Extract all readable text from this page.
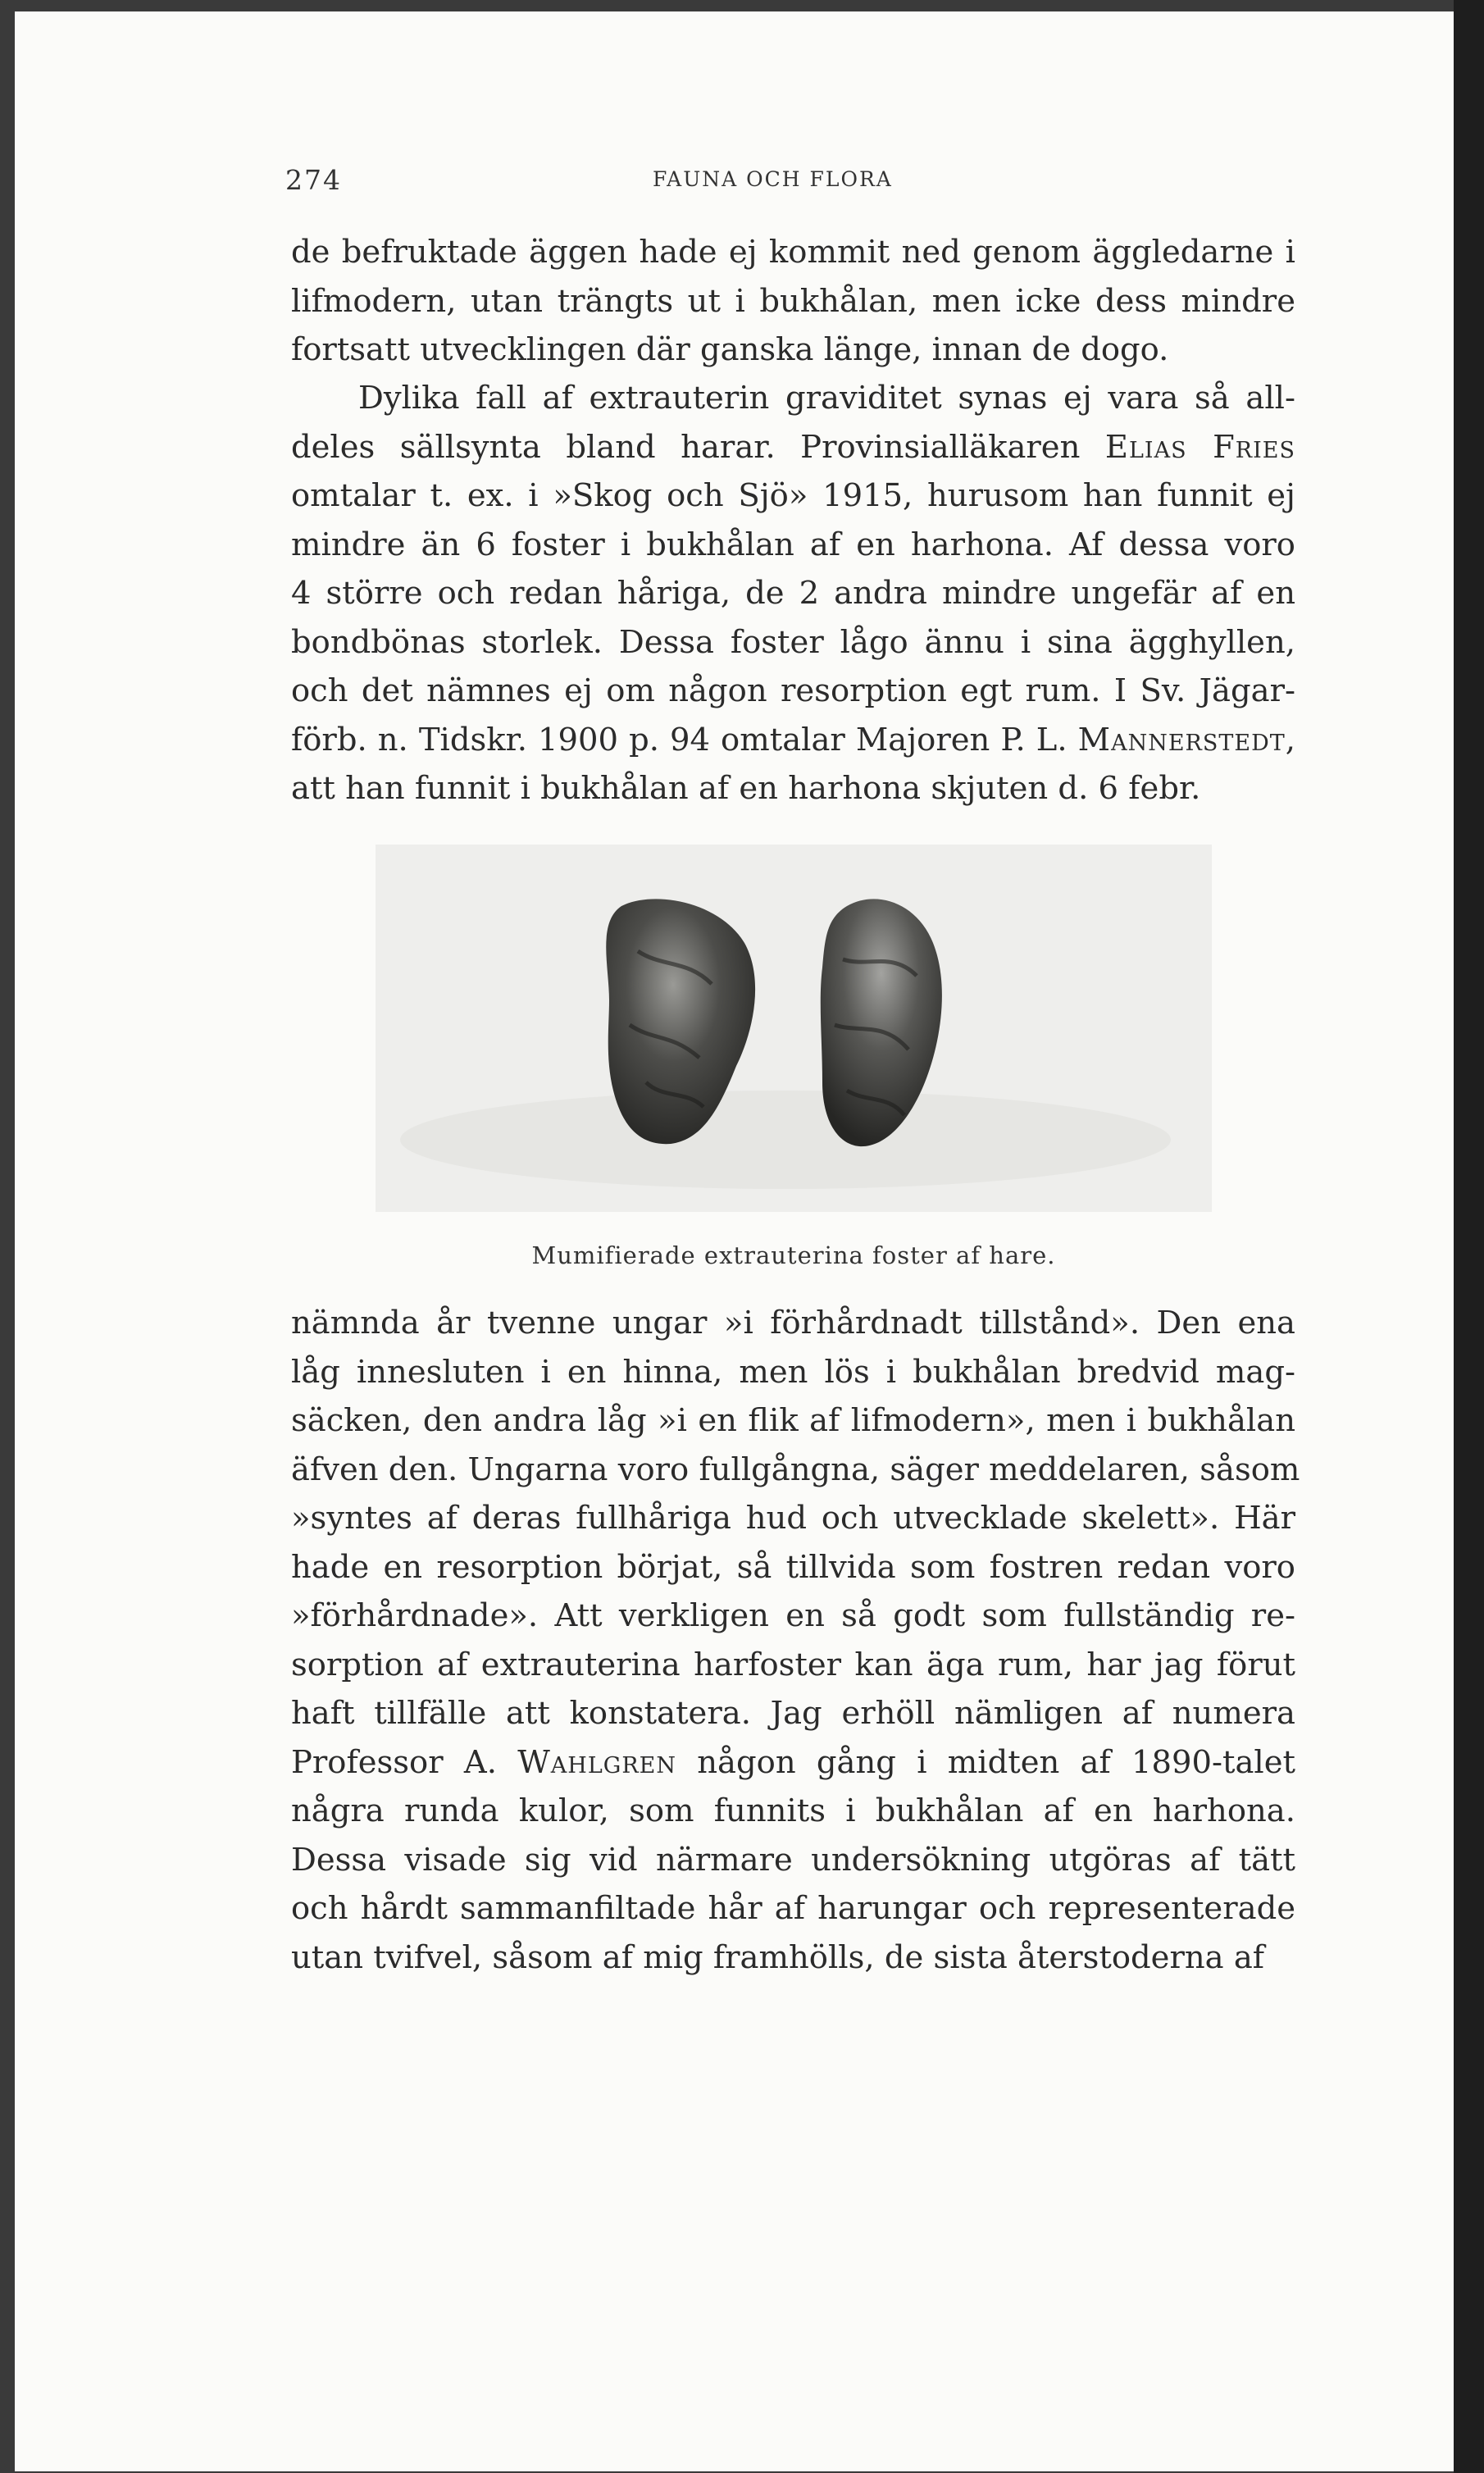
274	FAUNA OCH FLORA
de befruktade äggen hade ej kommit ned genom äggledarne i
lifmodern, utan trängts ut i bukhålan, men icke dess mindre
fortsatt utvecklingen där ganska länge, innan de dogo.
Dylika fall af extrauterin graviditet synas ej vara så all-
deles sällsynta bland harar. Provinsialläkaren Elias Fries
omtalar t. ex. i »Skog och Sjö» 1915, hurusom han funnit ej
mindre än 6 foster i bukhålan af en harhona. Af dessa voro
4 större och redan håriga, de 2 andra mindre ungefär af en
bondbönas storlek. Dessa foster lågo ännu i sina ägghyllen,
och det nämnes ej om någon resorption egt rum. I Sv. Jägar-
förb. n. Tidskr. 1900 p. 94 omtalar Majoren P. L. Mannerstedt,
att han funnit i bukhålan af en harhona skjuten d. 6 febr.
Mumifierade extrauterina foster af hare.
nämnda år tvenne ungar »i förhårdnadt tillstånd». Den ena
låg innesluten i en hinna, men lös i bukhålan bredvid mag-
säcken, den andra låg »i en flik af lifmodern», men i bukhålan
äfven den. Ungarna voro fullgångna, säger meddelaren, såsom
»syntes af deras fullhåriga hud och utvecklade skelett». Här
hade en resorption börjat, så tillvida som fostren redan voro
»förhårdnade». Att verkligen en så godt som fullständig re-
sorption af extrauterina harfoster kan äga rum, har jag förut
haft tillfälle att konstatera. Jag erhöll nämligen af numera
Professor A. Wahlgren någon gång i midten af 1890-talet
några runda kulor, som funnits i bukhålan af en harhona.
Dessa visade sig vid närmare undersökning utgöras af tätt
och hårdt sammanfiltade hår af harungar och representerade
utan tvifvel, såsom af mig framhölls, de sista återstoderna af
